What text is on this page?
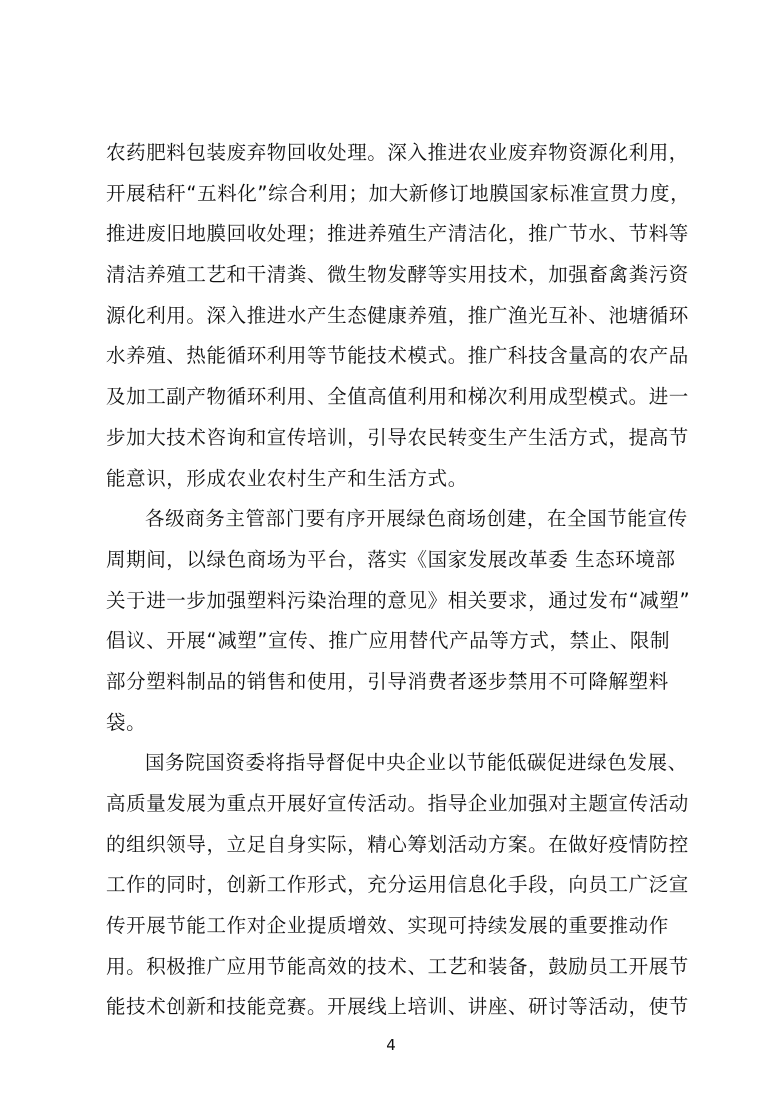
农药肥料包装废弃物回收处理。深入推进农业废弃物资源化利用，
开展秸秆“五料化”综合利用；加大新修订地膜国家标准宣贯力度，
推进废旧地膜回收处理；推进养殖生产清洁化，推广节水、节料等
清洁养殖工艺和干清粪、微生物发酵等实用技术，加强畜禽粪污资
源化利用。深入推进水产生态健康养殖，推广渔光互补、池塘循环
水养殖、热能循环利用等节能技术模式。推广科技含量高的农产品
及加工副产物循环利用、全值高值利用和梯次利用成型模式。进一
步加大技术咨询和宣传培训，引导农民转变生产生活方式，提高节
能意识，形成农业农村生产和生活方式。
各级商务主管部门要有序开展绿色商场创建，在全国节能宣传
周期间，以绿色商场为平台，落实《国家发展改革委 生态环境部
关于进一步加强塑料污染治理的意见》相关要求，通过发布“减塑”
倡议、开展“减塑”宣传、推广应用替代产品等方式，禁止、限制
部分塑料制品的销售和使用，引导消费者逐步禁用不可降解塑料
袋。
国务院国资委将指导督促中央企业以节能低碳促进绿色发展、
高质量发展为重点开展好宣传活动。指导企业加强对主题宣传活动
的组织领导，立足自身实际，精心筹划活动方案。在做好疫情防控
工作的同时，创新工作形式，充分运用信息化手段，向员工广泛宣
传开展节能工作对企业提质增效、实现可持续发展的重要推动作
用。积极推广应用节能高效的技术、工艺和装备，鼓励员工开展节
能技术创新和技能竞赛。开展线上培训、讲座、研讨等活动，使节
4
